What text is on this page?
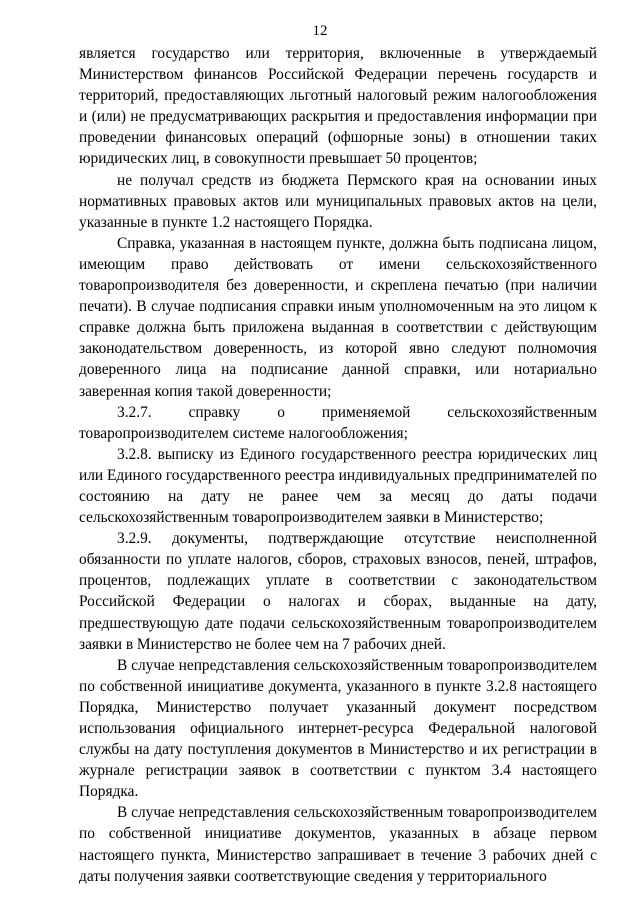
12

является государство или территория, включенные в утверждаемый Министерством финансов Российской Федерации перечень государств и территорий, предоставляющих льготный налоговый режим налогообложения и (или) не предусматривающих раскрытия и предоставления информации при проведении финансовых операций (офшорные зоны) в отношении таких юридических лиц, в совокупности превышает 50 процентов;

не получал средств из бюджета Пермского края на основании иных нормативных правовых актов или муниципальных правовых актов на цели, указанные в пункте 1.2 настоящего Порядка.

Справка, указанная в настоящем пункте, должна быть подписана лицом, имеющим право действовать от имени сельскохозяйственного товаропроизводителя без доверенности, и скреплена печатью (при наличии печати). В случае подписания справки иным уполномоченным на это лицом к справке должна быть приложена выданная в соответствии с действующим законодательством доверенность, из которой явно следуют полномочия доверенного лица на подписание данной справки, или нотариально заверенная копия такой доверенности;

3.2.7. справку о применяемой сельскохозяйственным товаропроизводителем системе налогообложения;

3.2.8. выписку из Единого государственного реестра юридических лиц или Единого государственного реестра индивидуальных предпринимателей по состоянию на дату не ранее чем за месяц до даты подачи сельскохозяйственным товаропроизводителем заявки в Министерство;

3.2.9. документы, подтверждающие отсутствие неисполненной обязанности по уплате налогов, сборов, страховых взносов, пеней, штрафов, процентов, подлежащих уплате в соответствии с законодательством Российской Федерации о налогах и сборах, выданные на дату, предшествующую дате подачи сельскохозяйственным товаропроизводителем заявки в Министерство не более чем на 7 рабочих дней.

В случае непредставления сельскохозяйственным товаропроизводителем по собственной инициативе документа, указанного в пункте 3.2.8 настоящего Порядка, Министерство получает указанный документ посредством использования официального интернет-ресурса Федеральной налоговой службы на дату поступления документов в Министерство и их регистрации в журнале регистрации заявок в соответствии с пунктом 3.4 настоящего Порядка.

В случае непредставления сельскохозяйственным товаропроизводителем по собственной инициативе документов, указанных в абзаце первом настоящего пункта, Министерство запрашивает в течение 3 рабочих дней с даты получения заявки соответствующие сведения у территориального
